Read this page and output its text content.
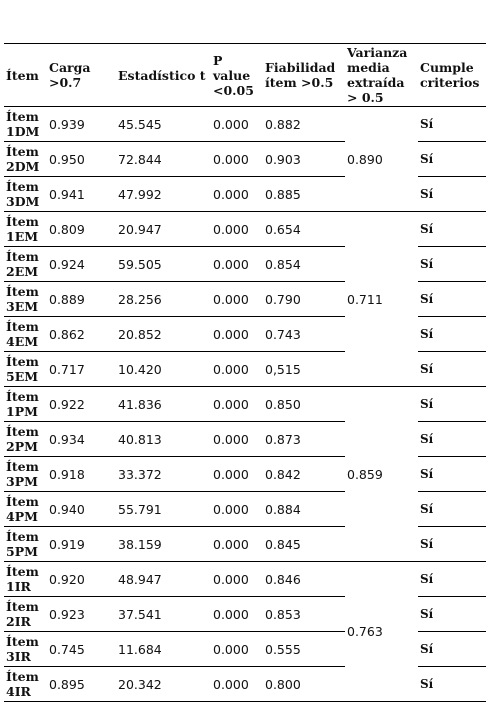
Ítem	Carga >0.7	Estadístico t	P value <0.05	Fiabilidad ítem >0.5	Varianza media extraída > 0.5	Cumple criterios
Ítem 1DM	0.939	45.545	0.000	0.882	0.890	Sí
Ítem 2DM	0.950	72.844	0.000	0.903		Sí
Ítem 3DM	0.941	47.992	0.000	0.885		Sí
Ítem 1EM	0.809	20.947	0.000	0.654	0.711	Sí
Ítem 2EM	0.924	59.505	0.000	0.854		Sí
Ítem 3EM	0.889	28.256	0.000	0.790		Sí
Ítem 4EM	0.862	20.852	0.000	0.743		Sí
Ítem 5EM	0.717	10.420	0.000	0,515		Sí
Ítem 1PM	0.922	41.836	0.000	0.850	0.859	Sí
Ítem 2PM	0.934	40.813	0.000	0.873		Sí
Ítem 3PM	0.918	33.372	0.000	0.842		Sí
Ítem 4PM	0.940	55.791	0.000	0.884		Sí
Ítem 5PM	0.919	38.159	0.000	0.845		Sí
Ítem 1IR	0.920	48.947	0.000	0.846	0.763	Sí
Ítem 2IR	0.923	37.541	0.000	0.853		Sí
Ítem 3IR	0.745	11.684	0.000	0.555		Sí
Ítem 4IR	0.895	20.342	0.000	0.800		Sí
